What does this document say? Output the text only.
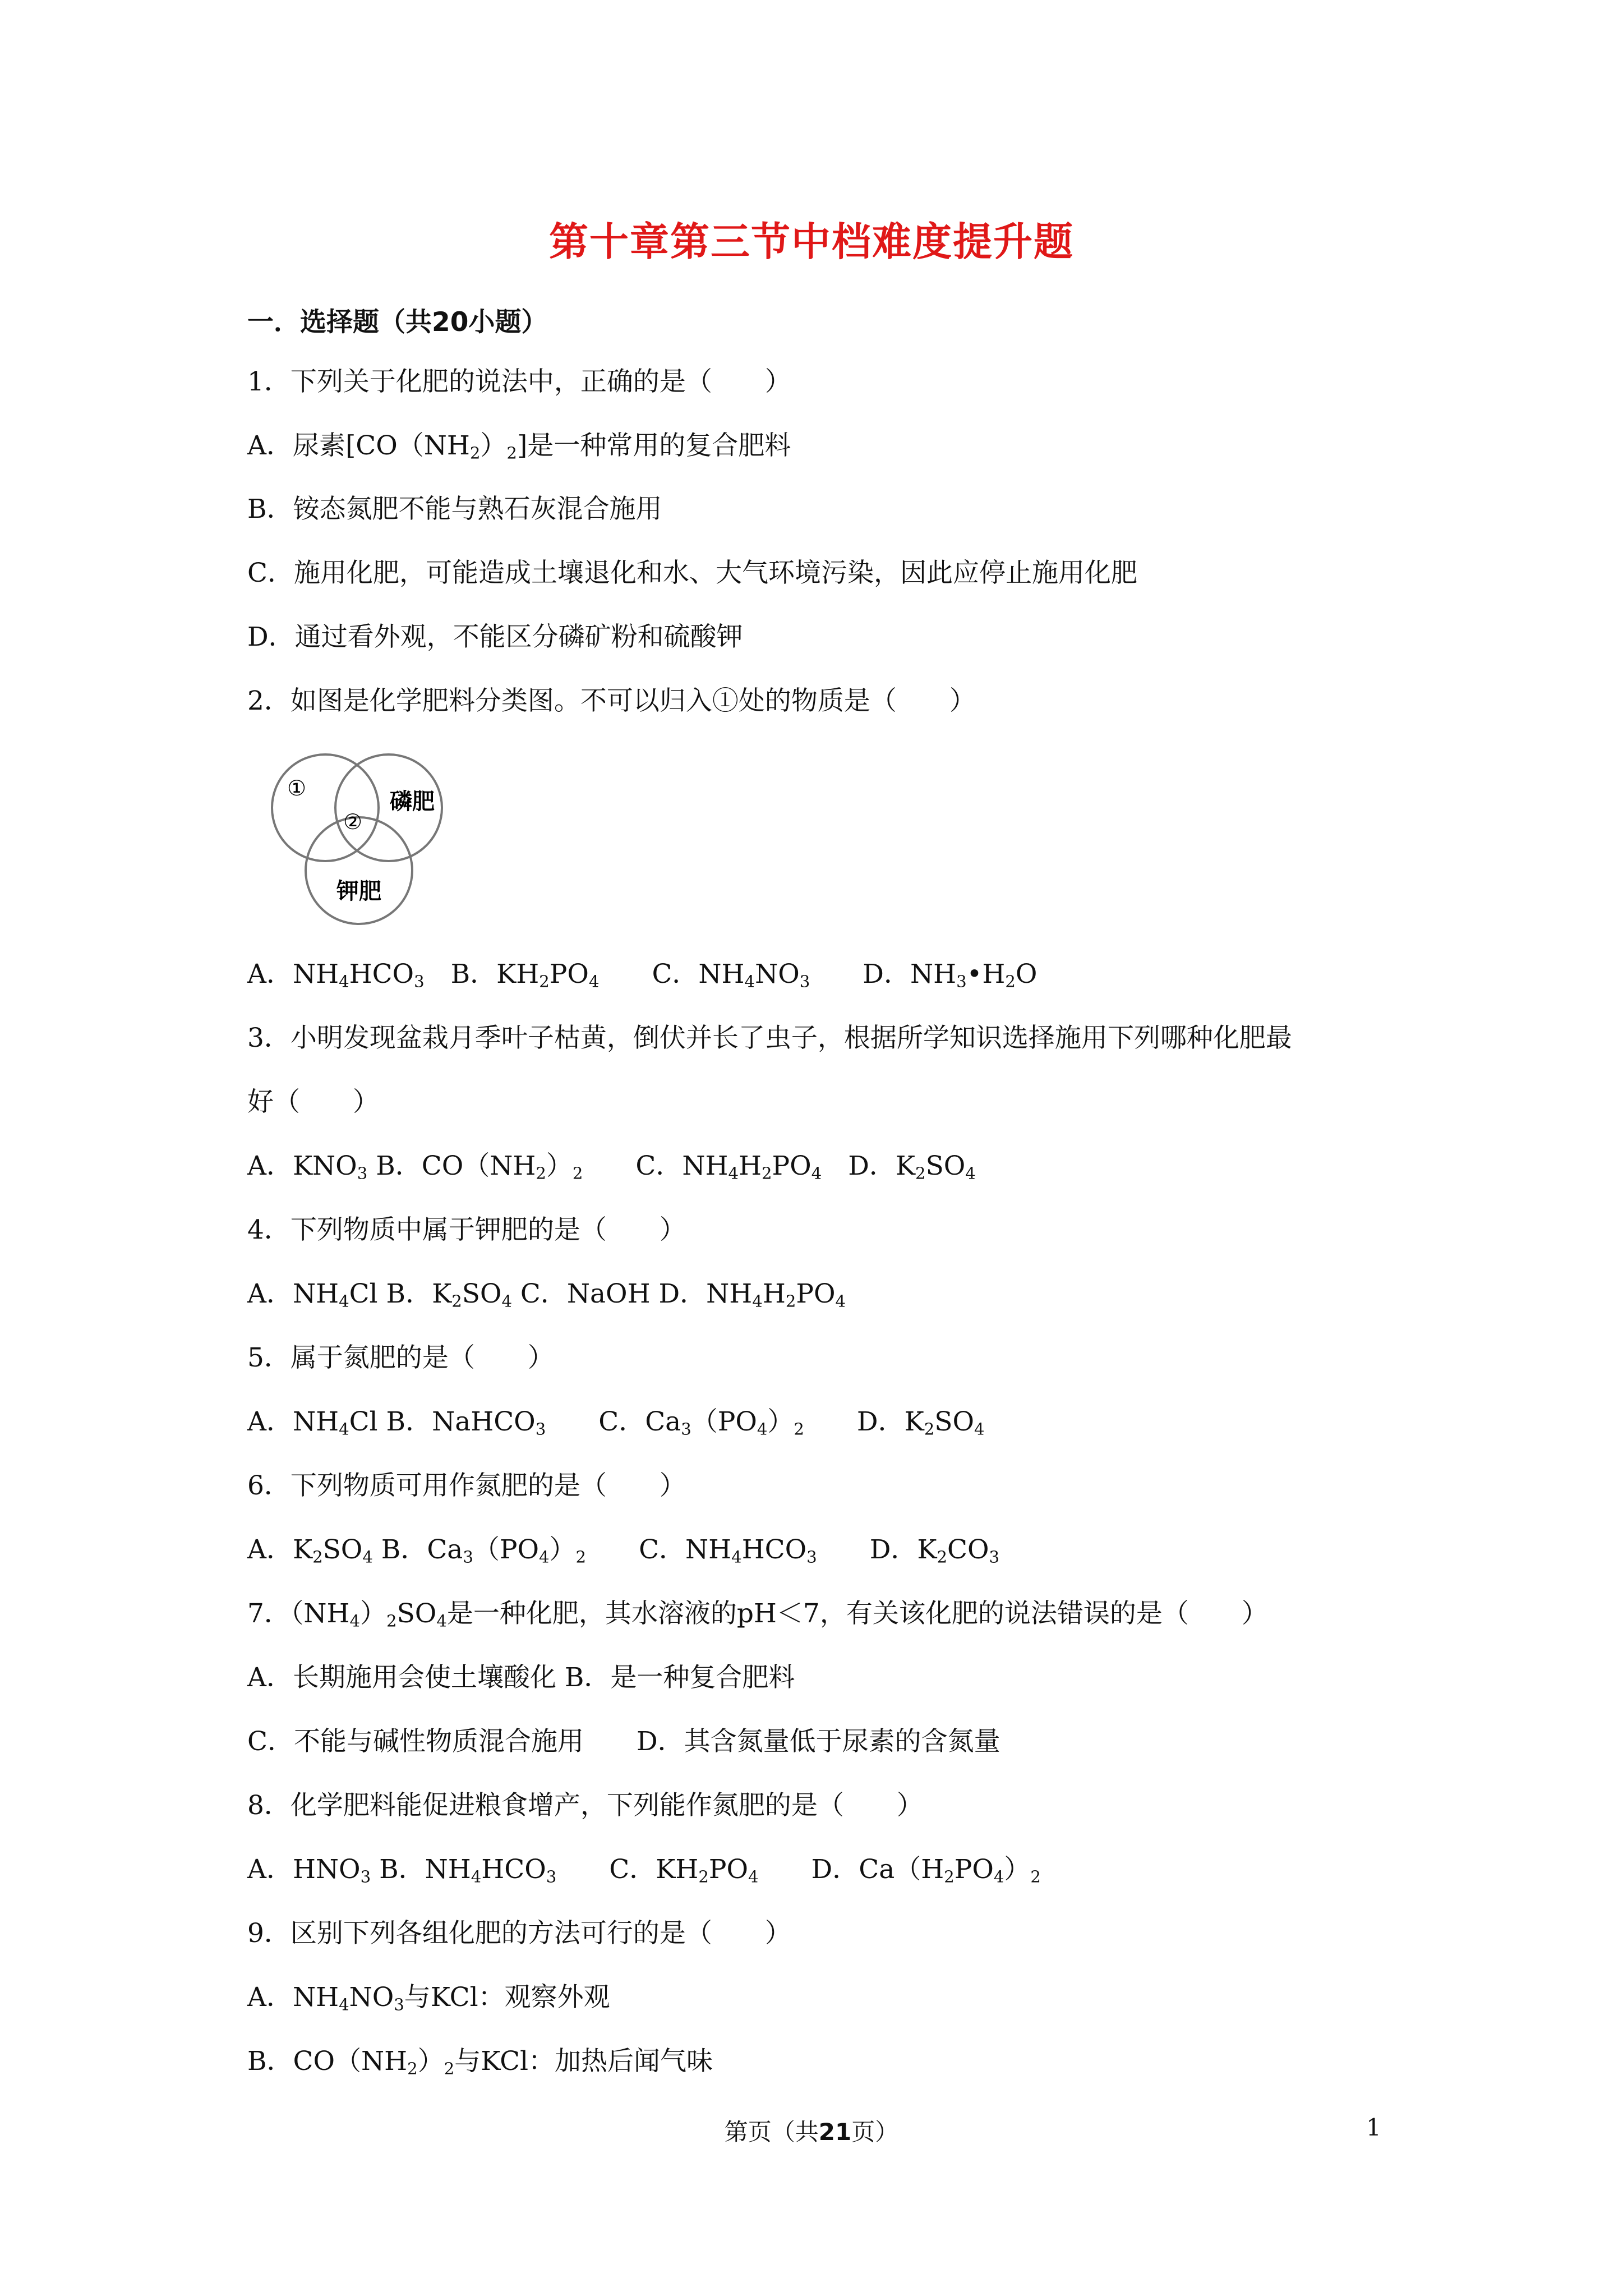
第十章第三节中档难度提升题
一．选择题（共20小题）
1．下列关于化肥的说法中，正确的是（　　）
A．尿素$[CO(NH_2)_2]$是一种常用的复合肥料
B．铵态氮肥不能与熟石灰混合施用
C．施用化肥，可能造成土壤退化和水、大气环境污染，因此应停止施用化肥
D．通过看外观，不能区分磷矿粉和硫酸钾
2．如图是化学肥料分类图。不可以归入①处的物质是（　　）
①
②
磷肥
钾肥
A．$NH_4HCO_3$　B．$KH_2PO_4$　　C．$NH_4NO_3$　　D．$NH_3•H_2O$
3．小明发现盆栽月季叶子枯黄，倒伏并长了虫子，根据所学知识选择施用下列哪种化肥最
好（　　）
A．$KNO_3$ B．$CO(NH_2)_2$　　C．$NH_4H_2PO_4$　D．$K_2SO_4$
4．下列物质中属于钾肥的是（　　）
A．$NH_4Cl$ B．$K_2SO_4$ C．NaOH D．$NH_4H_2PO_4$
5．属于氮肥的是（　　）
A．$NH_4Cl$ B．NaHCO$_3$　　C．$Ca_3(PO_4)_2$　　D．$K_2SO_4$
6．下列物质可用作氮肥的是（　　）
A．$K_2SO_4$ B．$Ca_3(PO_4)_2$　　C．$NH_4HCO_3$　　D．$K_2CO_3$
7．$(NH_4)_2SO_4$是一种化肥，其水溶液的pH＜7，有关该化肥的说法错误的是（　　）
A．长期施用会使土壤酸化 B．是一种复合肥料
C．不能与碱性物质混合施用　　D．其含氮量低于尿素的含氮量
8．化学肥料能促进粮食增产，下列能作氮肥的是（　　）
A．$HNO_3$ B．$NH_4HCO_3$　　C．$KH_2PO_4$　　D．$Ca(H_2PO_4)_2$
9．区别下列各组化肥的方法可行的是（　　）
A．$NH_4NO_3$与KCl：观察外观
B．$CO(NH_2)_2$与KCl：加热后闻气味
第页（共21页）	1
